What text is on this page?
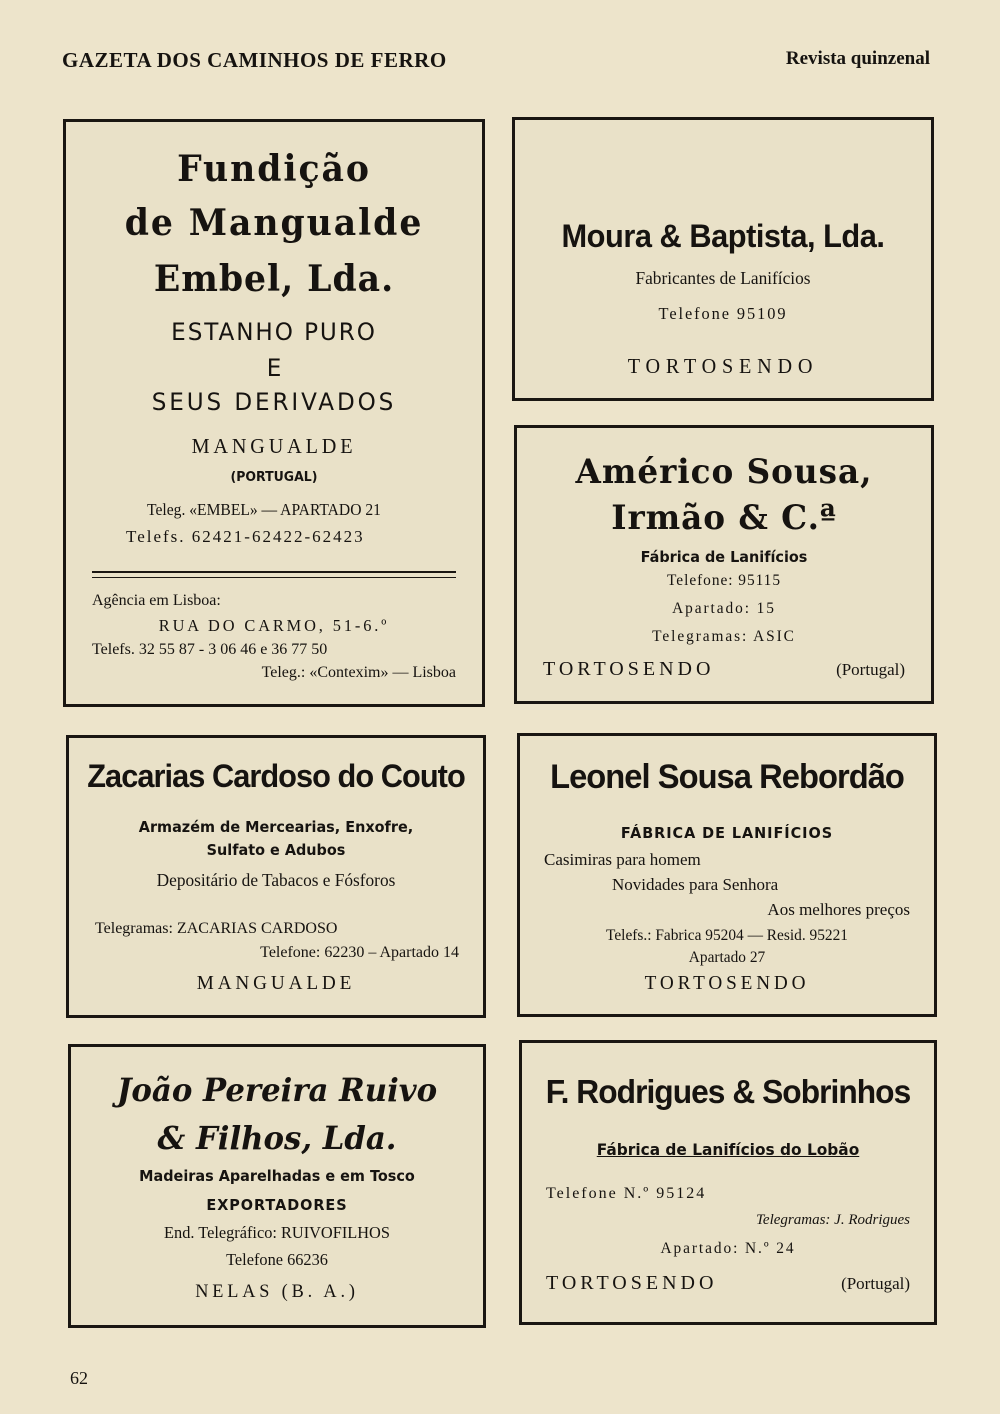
GAZETA DOS CAMINHOS DE FERRO	Revista quinzenal
Fundição
de Mangualde
Embel, Lda.
ESTANHO PURO
E
SEUS DERIVADOS
MANGUALDE
(PORTUGAL)
Teleg. «EMBEL» — APARTADO 21
Telefs. 62421-62422-62423
Agência em Lisboa:
RUA DO CARMO, 51-6.º
Telefs. 32 55 87 - 3 06 46 e 36 77 50
Teleg.: «Contexim» — Lisboa
Moura & Baptista, Lda.
Fabricantes de Lanifícios
Telefone 95109
TORTOSENDO
Américo Sousa,
Irmão & C.ª
Fábrica de Lanifícios
Telefone: 95115
Apartado: 15
Telegramas: ASIC
TORTOSENDO	(Portugal)
Zacarias Cardoso do Couto
Armazém de Mercearias, Enxofre,
Sulfato e Adubos
Depositário de Tabacos e Fósforos
Telegramas: ZACARIAS CARDOSO
Telefone: 62230 – Apartado 14
MANGUALDE
Leonel Sousa Rebordão
FÁBRICA DE LANIFÍCIOS
Casimiras para homem
Novidades para Senhora
Aos melhores preços
Telefs.: Fabrica 95204 — Resid. 95221
Apartado 27
TORTOSENDO
João Pereira Ruivo
& Filhos, Lda.
Madeiras Aparelhadas e em Tosco
EXPORTADORES
End. Telegráfico: RUIVOFILHOS
Telefone 66236
NELAS (B. A.)
F. Rodrigues & Sobrinhos
Fábrica de Lanifícios do Lobão
Telefone N.º 95124
Telegramas: J. Rodrigues
Apartado: N.º 24
TORTOSENDO	(Portugal)
62
